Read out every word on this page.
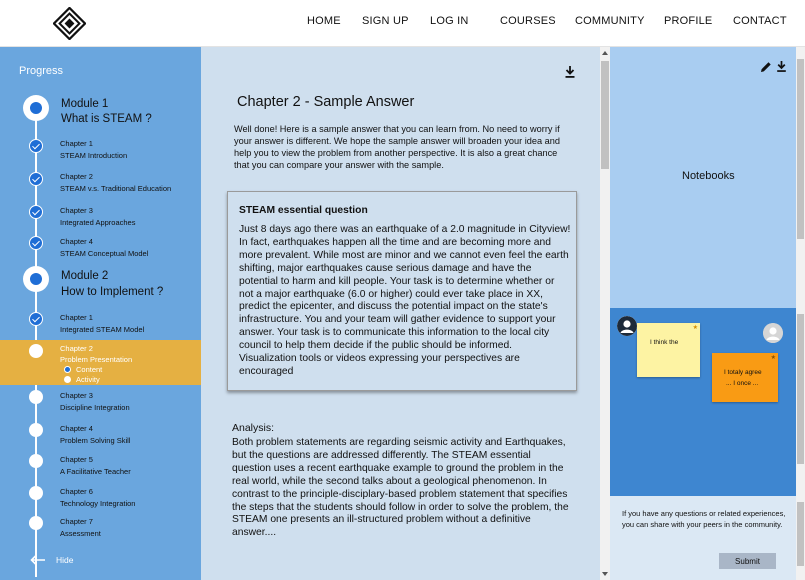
HOME SIGN UP LOG IN	COURSES COMMUNITY PROFILE CONTACT
Progress
Module 1
What is STEAM ?
Chapter 1
STEAM Introduction
Chapter 2
STEAM v.s. Traditional Education
Chapter 3
Integrated Approaches
Chapter 4
STEAM Conceptual Model
Module 2
How to Implement ?
Chapter 1
Integrated STEAM Model
Chapter 2
Problem Presentation
Content
Activity
Chapter 3
Discipline Integration
Chapter 4
Problem Solving Skill
Chapter 5
A Facilitative Teacher
Chapter 6
Technology Integration
Chapter 7
Assessment
Hide
Chapter 2 - Sample Answer

Well done! Here is a sample answer that you can learn from. No need to worry if your answer is different. We hope the sample answer will broaden your idea and help you to view the problem from another perspective. It is also a great chance that you can compare your answer with the sample.

STEAM essential question

Just 8 days ago there was an earthquake of a 2.0 magnitude in Cityview! In fact, earthquakes happen all the time and are becoming more and more prevalent. While most are minor and we cannot even feel the earth shifting, major earthquakes cause serious damage and have the potential to harm and kill people. Your task is to determine whether or not a major earthquake (6.0 or higher) could ever take place in XX, predict the epicenter, and discuss the potential impact on the state's infrastructure. You and your team will gather evidence to support your answer. Your task is to communicate this information to the local city council to help them decide if the public should be informed. Visualization tools or videos expressing your perspectives are encouraged

Analysis:

Both problem statements are regarding seismic activity and Earthquakes, but the questions are addressed differently. The STEAM essential question uses a recent earthquake example to ground the problem in the real world, while the second talks about a geological phenomenon. In contrast to the principle-disciplary-based problem statement that specifies the steps that the students should follow in order to solve the problem, the STEAM one presents an ill-structured problem without a definitive answer....

Notebooks
★
I think the
★
I totaly agree
... I once ...

If you have any questions or related experiences, you can share with your peers in the community.

Submit
